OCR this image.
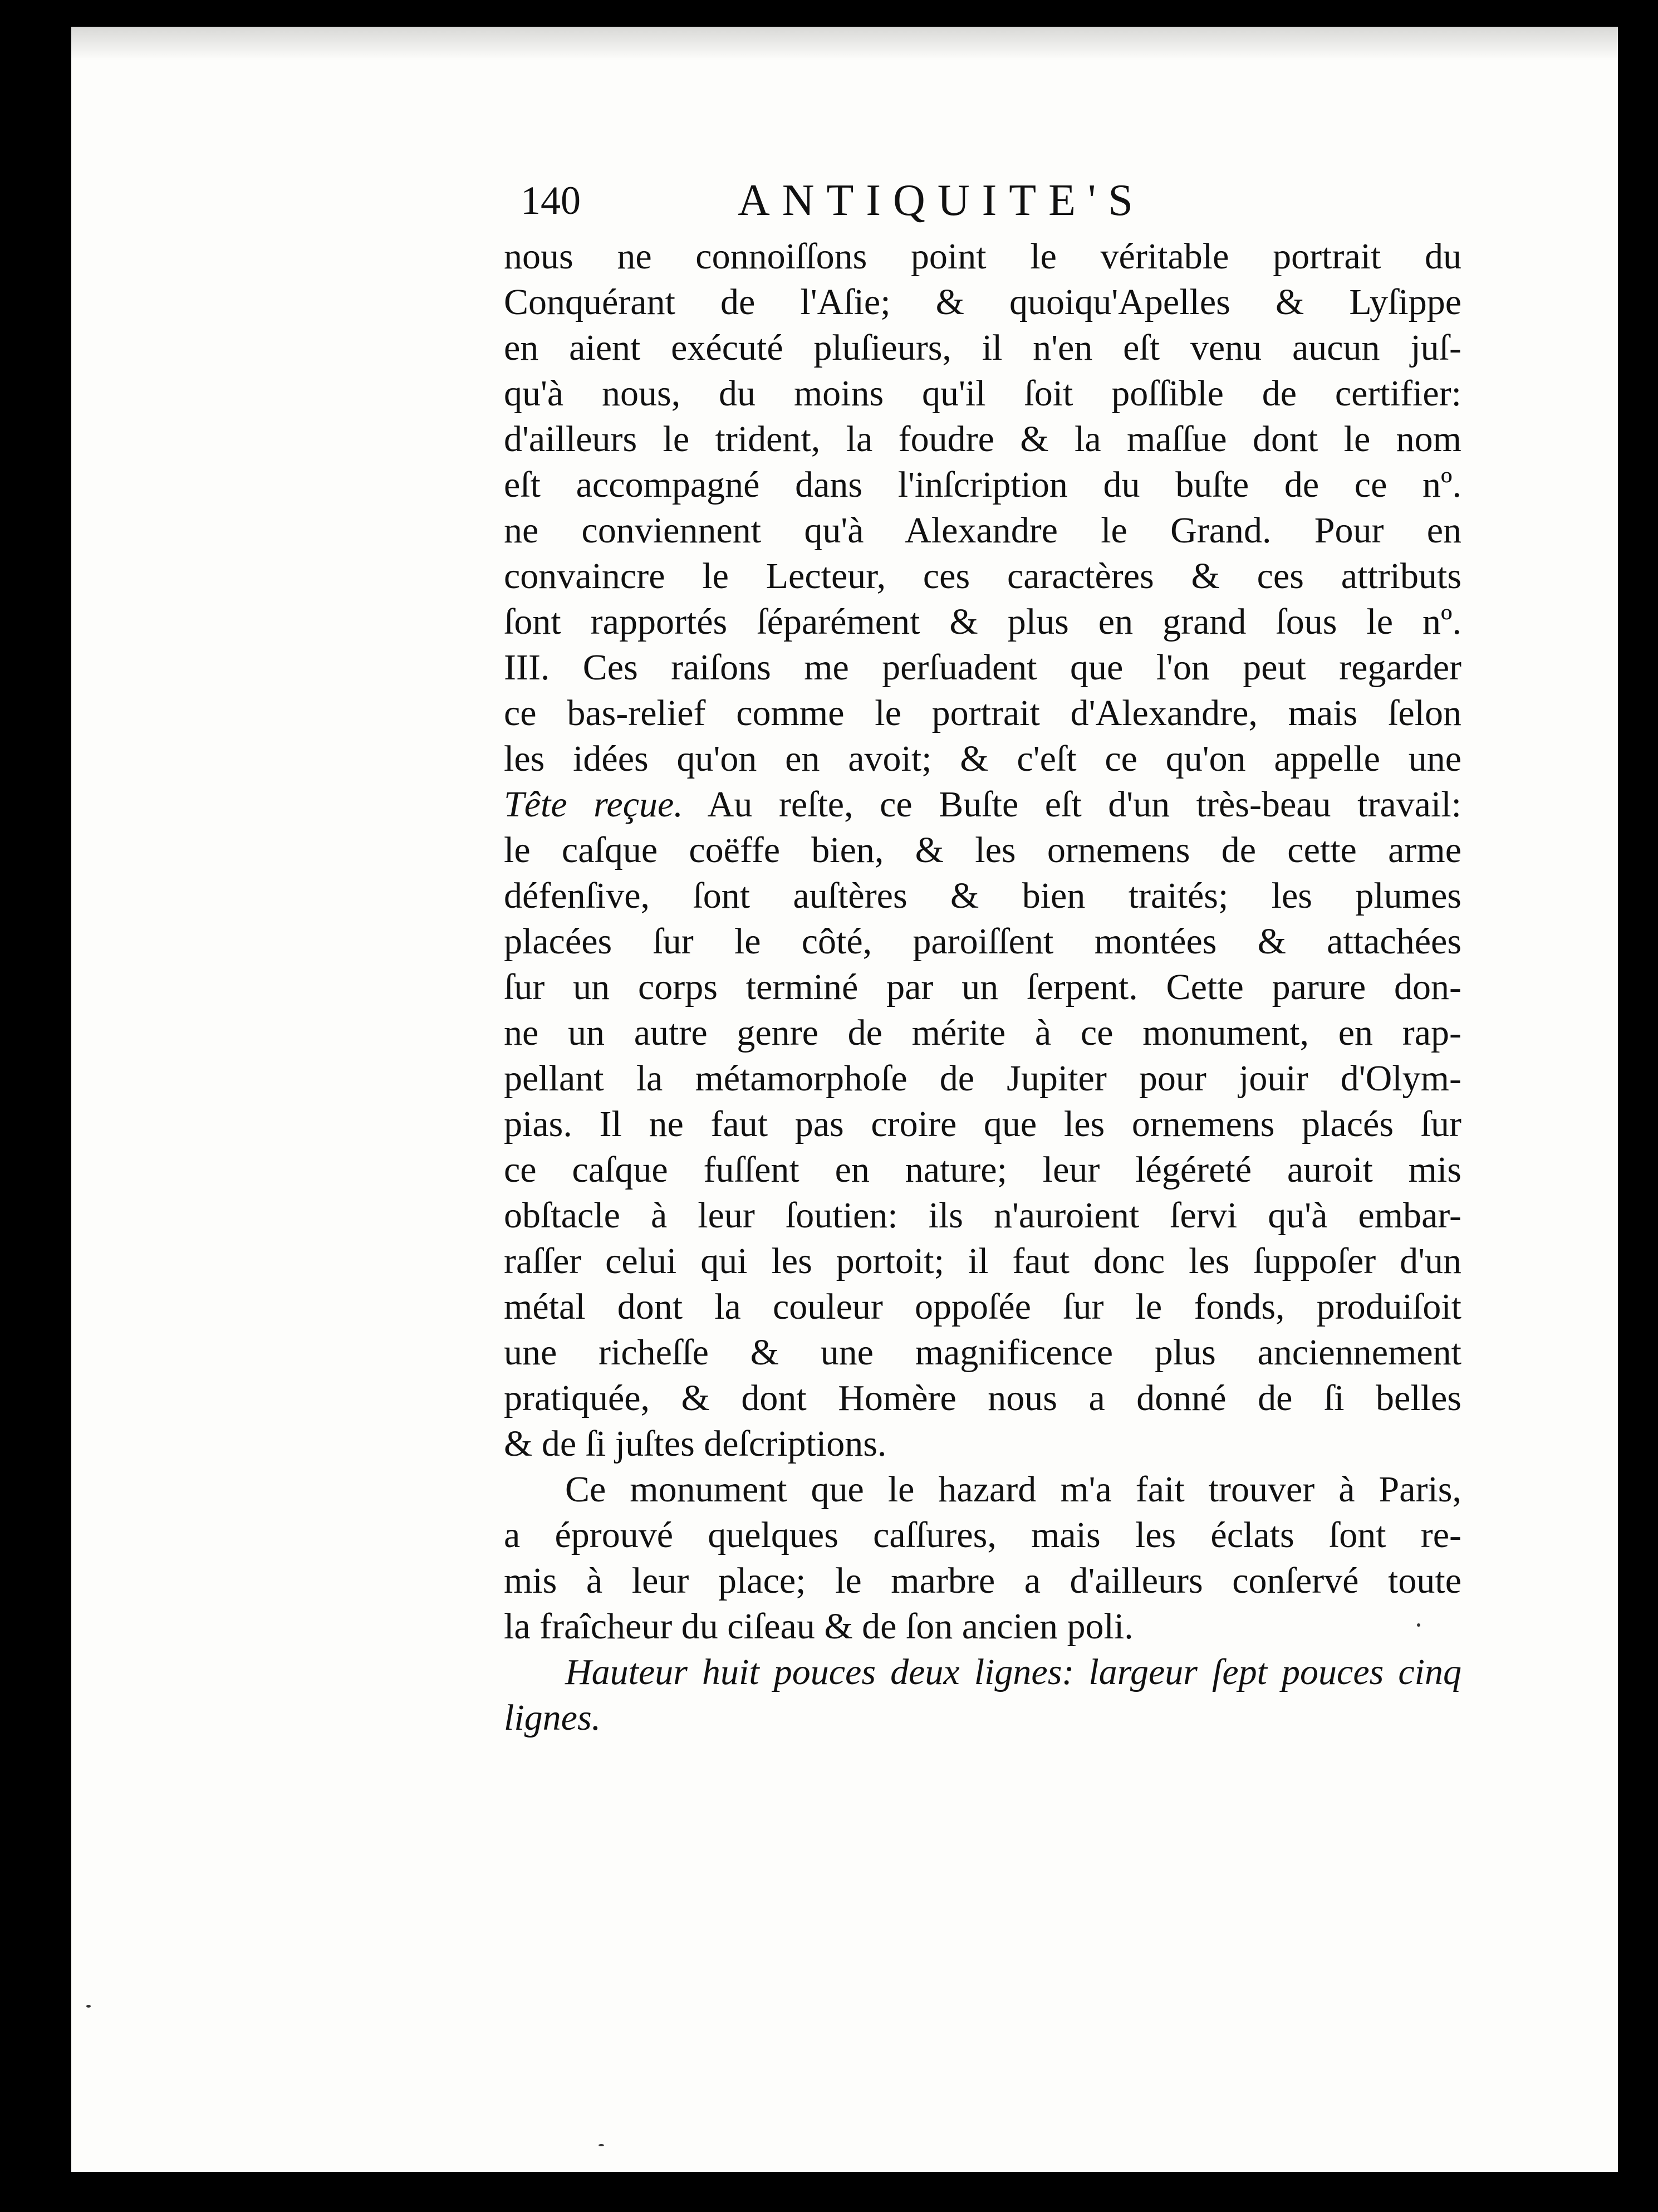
140	ANTIQUITE'S
nous ne connoiſſons point le véritable portrait du
Conquérant de l'Aſie; & quoiqu'Apelles & Lyſippe
en aient exécuté pluſieurs, il n'en eſt venu aucun juſ-
qu'à nous, du moins qu'il ſoit poſſible de certifier:
d'ailleurs le trident, la foudre & la maſſue dont le nom
eſt accompagné dans l'inſcription du buſte de ce nº.
ne conviennent qu'à Alexandre le Grand. Pour en
convaincre le Lecteur, ces caractères & ces attributs
ſont rapportés ſéparément & plus en grand ſous le nº.
III. Ces raiſons me perſuadent que l'on peut regarder
ce bas-relief comme le portrait d'Alexandre, mais ſelon
les idées qu'on en avoit; & c'eſt ce qu'on appelle une
Tête reçue. Au reſte, ce Buſte eſt d'un très-beau travail:
le caſque coëffe bien, & les ornemens de cette arme
défenſive, ſont auſtères & bien traités; les plumes
placées ſur le côté, paroiſſent montées & attachées
ſur un corps terminé par un ſerpent. Cette parure don-
ne un autre genre de mérite à ce monument, en rap-
pellant la métamorphoſe de Jupiter pour jouir d'Olym-
pias. Il ne faut pas croire que les ornemens placés ſur
ce caſque fuſſent en nature; leur légéreté auroit mis
obſtacle à leur ſoutien: ils n'auroient ſervi qu'à embar-
raſſer celui qui les portoit; il faut donc les ſuppoſer d'un
métal dont la couleur oppoſée ſur le fonds, produiſoit
une richeſſe & une magnificence plus anciennement
pratiquée, & dont Homère nous a donné de ſi belles
& de ſi juſtes deſcriptions.
Ce monument que le hazard m'a fait trouver à Paris,
a éprouvé quelques caſſures, mais les éclats ſont re-
mis à leur place; le marbre a d'ailleurs conſervé toute
la fraîcheur du ciſeau & de ſon ancien poli.
Hauteur huit pouces deux lignes: largeur ſept pouces cinq
lignes.
